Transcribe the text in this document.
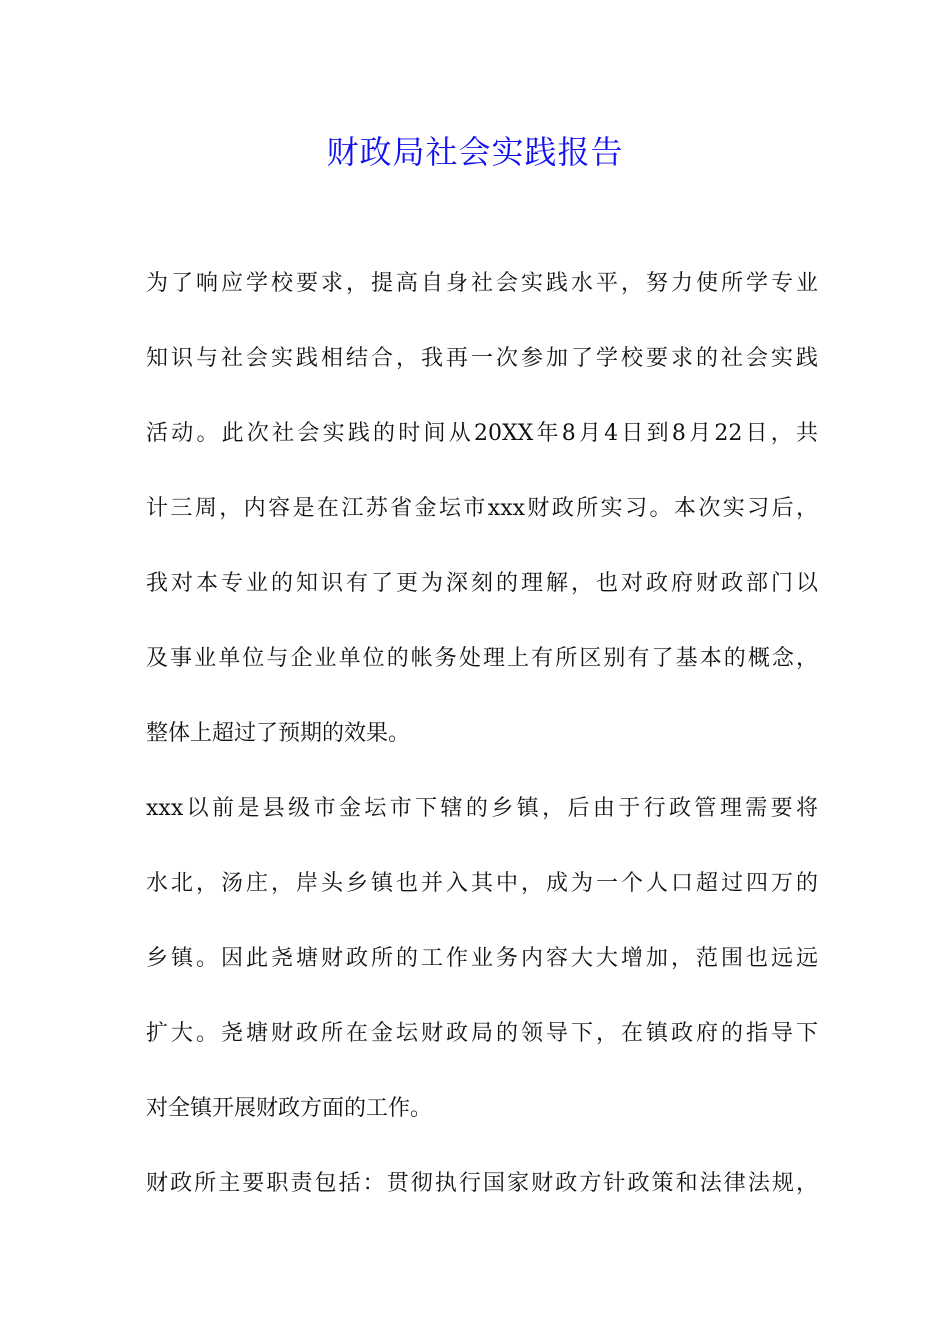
财政局社会实践报告

为了响应学校要求，提高自身社会实践水平，努力使所学专业

知识与社会实践相结合，我再一次参加了学校要求的社会实践

活动。此次社会实践的时间从20XX年8月4日到8月22日，共

计三周，内容是在江苏省金坛市xxx财政所实习。本次实习后，

我对本专业的知识有了更为深刻的理解，也对政府财政部门以

及事业单位与企业单位的帐务处理上有所区别有了基本的概念，

整体上超过了预期的效果。

xxx以前是县级市金坛市下辖的乡镇，后由于行政管理需要将

水北，汤庄，岸头乡镇也并入其中，成为一个人口超过四万的

乡镇。因此尧塘财政所的工作业务内容大大增加，范围也远远

扩大。尧塘财政所在金坛财政局的领导下，在镇政府的指导下

对全镇开展财政方面的工作。

财政所主要职责包括：贯彻执行国家财政方针政策和法律法规，
